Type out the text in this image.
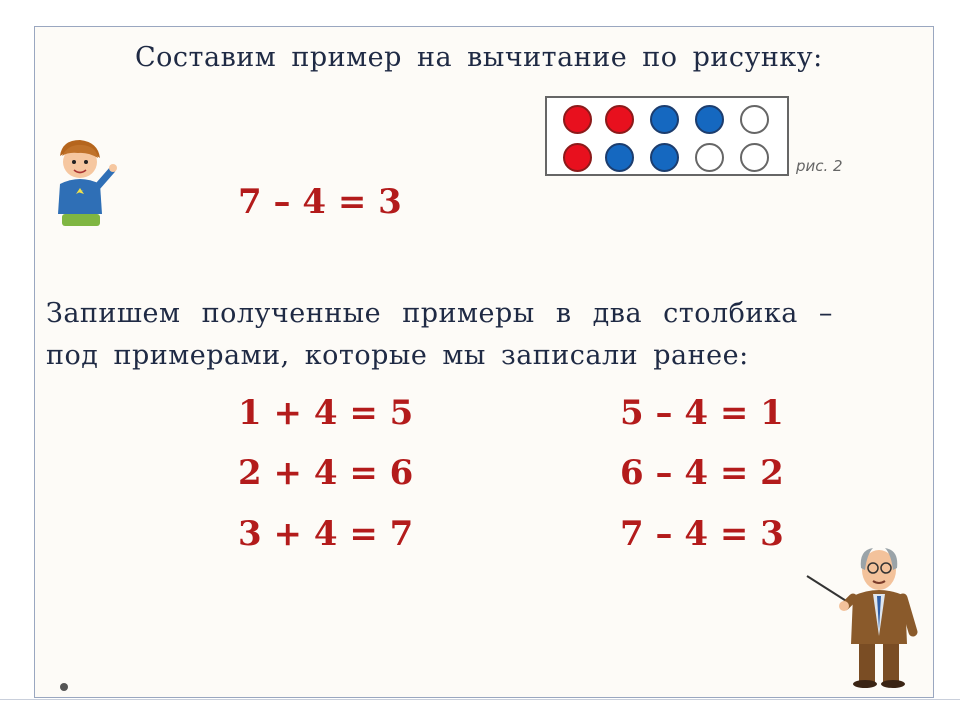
Составим пример на вычитание по рисунку:
7 – 4 = 3
рис. 2
Запишем полученные примеры в два столбика –
под примерами, которые мы записали ранее:
1 + 4 = 5
2 + 4 = 6
3 + 4 = 7
5 – 4 = 1
6 – 4 = 2
7 – 4 = 3
